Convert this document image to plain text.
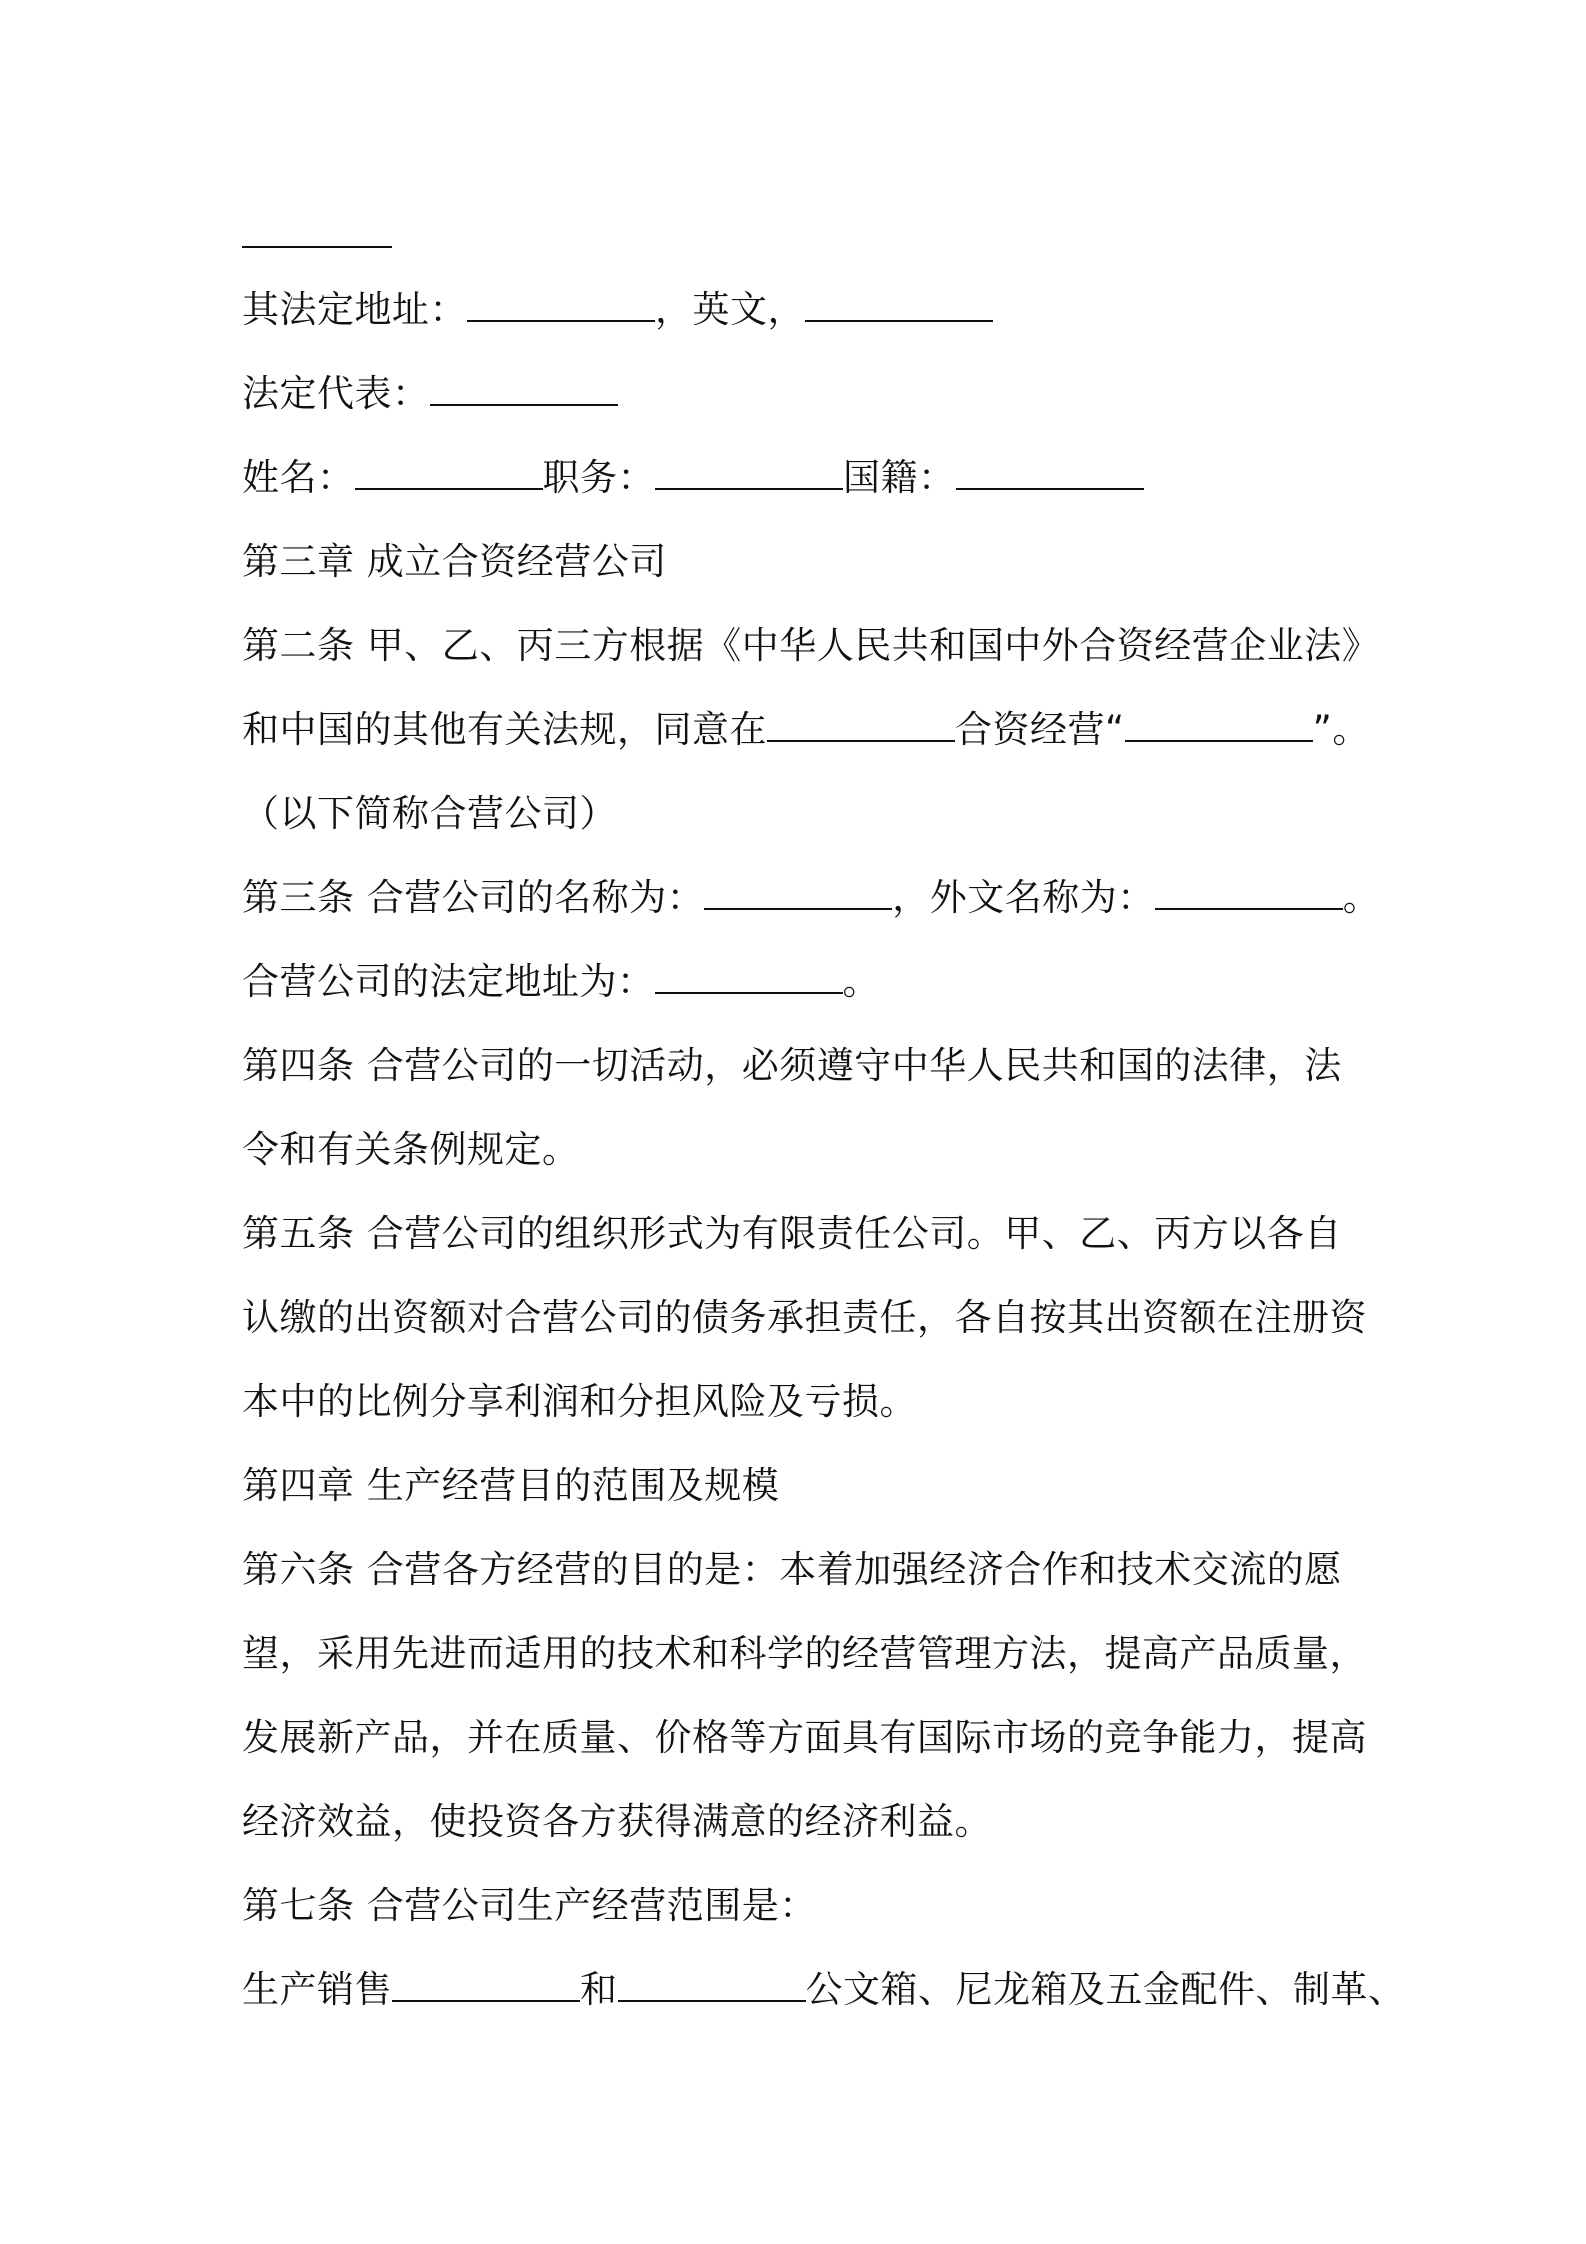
其法定地址：	，英文，

法定代表：

姓名：	职务：	国籍：

第三章 成立合资经营公司

第二条 甲、乙、丙三方根据《中华人民共和国中外合资经营企业法》

和中国的其他有关法规，同意在	合资经营“	”。

（以下简称合营公司）

第三条 合营公司的名称为：	，外文名称为：	。

合营公司的法定地址为：	。

第四条 合营公司的一切活动，必须遵守中华人民共和国的法律，法

令和有关条例规定。

第五条 合营公司的组织形式为有限责任公司。甲、乙、丙方以各自

认缴的出资额对合营公司的债务承担责任，各自按其出资额在注册资

本中的比例分享利润和分担风险及亏损。

第四章 生产经营目的范围及规模

第六条 合营各方经营的目的是：本着加强经济合作和技术交流的愿

望，采用先进而适用的技术和科学的经营管理方法，提高产品质量，

发展新产品，并在质量、价格等方面具有国际市场的竞争能力，提高

经济效益，使投资各方获得满意的经济利益。

第七条 合营公司生产经营范围是：

生产销售	和	公文箱、尼龙箱及五金配件、制革、
